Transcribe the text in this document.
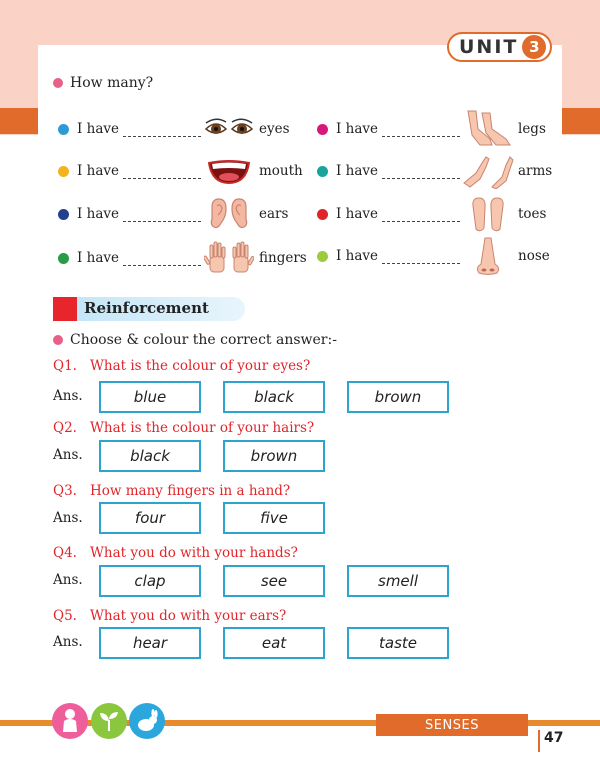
UNIT 3
How many?
I have	eyes
I have	mouth
I have	ears
I have	fingers
I have	legs
I have	arms
I have	toes
I have	nose
Reinforcement
Choose & colour the correct answer:-
Q1. What is the colour of your eyes?
Ans.	blue	black	brown
Q2. What is the colour of your hairs?
Ans.	black	brown
Q3. How many fingers in a hand?
Ans.	four	five
Q4. What you do with your hands?
Ans.	clap	see	smell
Q5. What you do with your ears?
Ans.	hear	eat	taste
SENSES
47
